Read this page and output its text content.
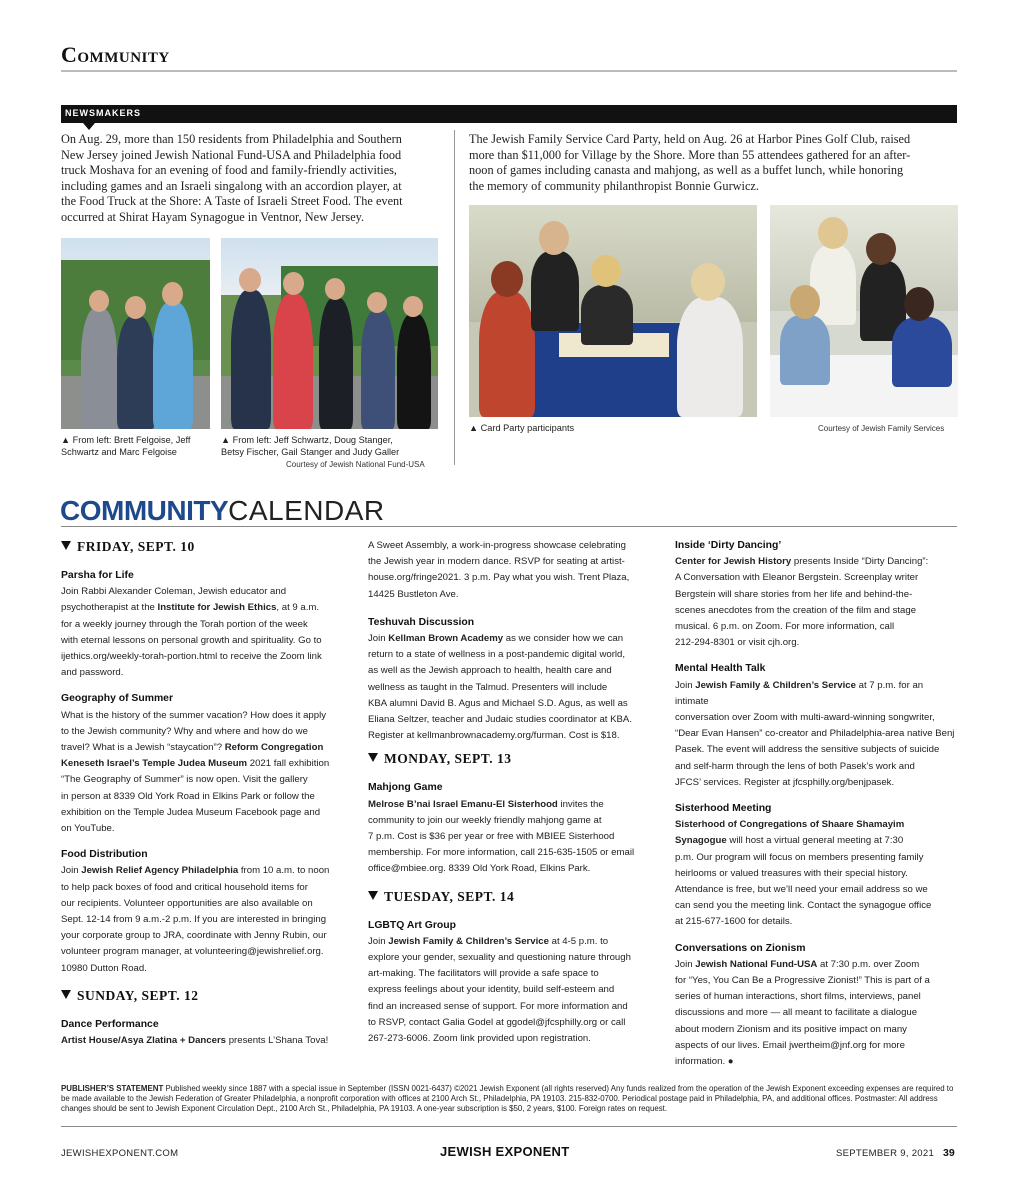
Community
NEWSMAKERS
On Aug. 29, more than 150 residents from Philadelphia and Southern
New Jersey joined Jewish National Fund-USA and Philadelphia food
truck Moshava for an evening of food and family-friendly activities,
including games and an Israeli singalong with an accordion player, at
the Food Truck at the Shore: A Taste of Israeli Street Food. The event
occurred at Shirat Hayam Synagogue in Ventnor, New Jersey.
The Jewish Family Service Card Party, held on Aug. 26 at Harbor Pines Golf Club, raised
more than $11,000 for Village by the Shore. More than 55 attendees gathered for an after-
noon of games including canasta and mahjong, as well as a buffet lunch, while honoring
the memory of community philanthropist Bonnie Gurwicz.
▲ From left: Brett Felgoise, Jeff
Schwartz and Marc Felgoise
▲ From left: Jeff Schwartz, Doug Stanger,
Betsy Fischer, Gail Stanger and Judy Galler
Courtesy of Jewish National Fund-USA
▲ Card Party participants	Courtesy of Jewish Family Services
COMMUNITYCALENDAR
FRIDAY, SEPT. 10
Parsha for Life
Join Rabbi Alexander Coleman, Jewish educator and
psychotherapist at the Institute for Jewish Ethics, at 9 a.m.
for a weekly journey through the Torah portion of the week
with eternal lessons on personal growth and spirituality. Go to
ijethics.org/weekly-torah-portion.html to receive the Zoom link
and password.
Geography of Summer
What is the history of the summer vacation? How does it apply
to the Jewish community? Why and where and how do we
travel? What is a Jewish “staycation”? Reform Congregation
Keneseth Israel’s Temple Judea Museum 2021 fall exhibition
“The Geography of Summer” is now open. Visit the gallery
in person at 8339 Old York Road in Elkins Park or follow the
exhibition on the Temple Judea Museum Facebook page and
on YouTube.
Food Distribution
Join Jewish Relief Agency Philadelphia from 10 a.m. to noon
to help pack boxes of food and critical household items for
our recipients. Volunteer opportunities are also available on
Sept. 12-14 from 9 a.m.-2 p.m. If you are interested in bringing
your corporate group to JRA, coordinate with Jenny Rubin, our
volunteer program manager, at volunteering@jewishrelief.org.
10980 Dutton Road.
SUNDAY, SEPT. 12
Dance Performance
Artist House/Asya Zlatina + Dancers presents L’Shana Tova!
A Sweet Assembly, a work-in-progress showcase celebrating
the Jewish year in modern dance. RSVP for seating at artist-
house.org/fringe2021. 3 p.m. Pay what you wish. Trent Plaza,
14425 Bustleton Ave.
Teshuvah Discussion
Join Kellman Brown Academy as we consider how we can
return to a state of wellness in a post-pandemic digital world,
as well as the Jewish approach to health, health care and
wellness as taught in the Talmud. Presenters will include
KBA alumni David B. Agus and Michael S.D. Agus, as well as
Eliana Seltzer, teacher and Judaic studies coordinator at KBA.
Register at kellmanbrownacademy.org/furman. Cost is $18.
MONDAY, SEPT. 13
Mahjong Game
Melrose B’nai Israel Emanu-El Sisterhood invites the
community to join our weekly friendly mahjong game at
7 p.m. Cost is $36 per year or free with MBIEE Sisterhood
membership. For more information, call 215-635-1505 or email
office@mbiee.org. 8339 Old York Road, Elkins Park.
TUESDAY, SEPT. 14
LGBTQ Art Group
Join Jewish Family & Children’s Service at 4-5 p.m. to
explore your gender, sexuality and questioning nature through
art-making. The facilitators will provide a safe space to
express feelings about your identity, build self-esteem and
find an increased sense of support. For more information and
to RSVP, contact Galia Godel at ggodel@jfcsphilly.org or call
267-273-6006. Zoom link provided upon registration.
Inside ‘Dirty Dancing’
Center for Jewish History presents Inside “Dirty Dancing”:
A Conversation with Eleanor Bergstein. Screenplay writer
Bergstein will share stories from her life and behind-the-
scenes anecdotes from the creation of the film and stage
musical. 6 p.m. on Zoom. For more information, call
212-294-8301 or visit cjh.org.
Mental Health Talk
Join Jewish Family & Children’s Service at 7 p.m. for an intimate
conversation over Zoom with multi-award-winning songwriter,
“Dear Evan Hansen” co-creator and Philadelphia-area native Benj
Pasek. The event will address the sensitive subjects of suicide
and self-harm through the lens of both Pasek’s work and
JFCS’ services. Register at jfcsphilly.org/benjpasek.
Sisterhood Meeting
Sisterhood of Congregations of Shaare Shamayim
Synagogue will host a virtual general meeting at 7:30
p.m. Our program will focus on members presenting family
heirlooms or valued treasures with their special history.
Attendance is free, but we’ll need your email address so we
can send you the meeting link. Contact the synagogue office
at 215-677-1600 for details.
Conversations on Zionism
Join Jewish National Fund-USA at 7:30 p.m. over Zoom
for “Yes, You Can Be a Progressive Zionist!” This is part of a
series of human interactions, short films, interviews, panel
discussions and more — all meant to facilitate a dialogue
about modern Zionism and its positive impact on many
aspects of our lives. Email jwertheim@jnf.org for more
information. ●
PUBLISHER’S STATEMENT Published weekly since 1887 with a special issue in September (ISSN 0021-6437) ©2021 Jewish Exponent (all rights reserved) Any funds realized from the operation of the Jewish Exponent exceeding expenses are required to be made available to the Jewish Federation of Greater Philadelphia, a nonprofit corporation with offices at 2100 Arch St., Philadelphia, PA 19103. 215-832-0700. Periodical postage paid in Philadelphia, PA, and additional offices. Postmaster: All address changes should be sent to Jewish Exponent Circulation Dept., 2100 Arch St., Philadelphia, PA 19103. A one-year subscription is $50, 2 years, $100. Foreign rates on request.
JEWISHEXPONENT.COM	JEWISH EXPONENT	SEPTEMBER 9, 2021 39
